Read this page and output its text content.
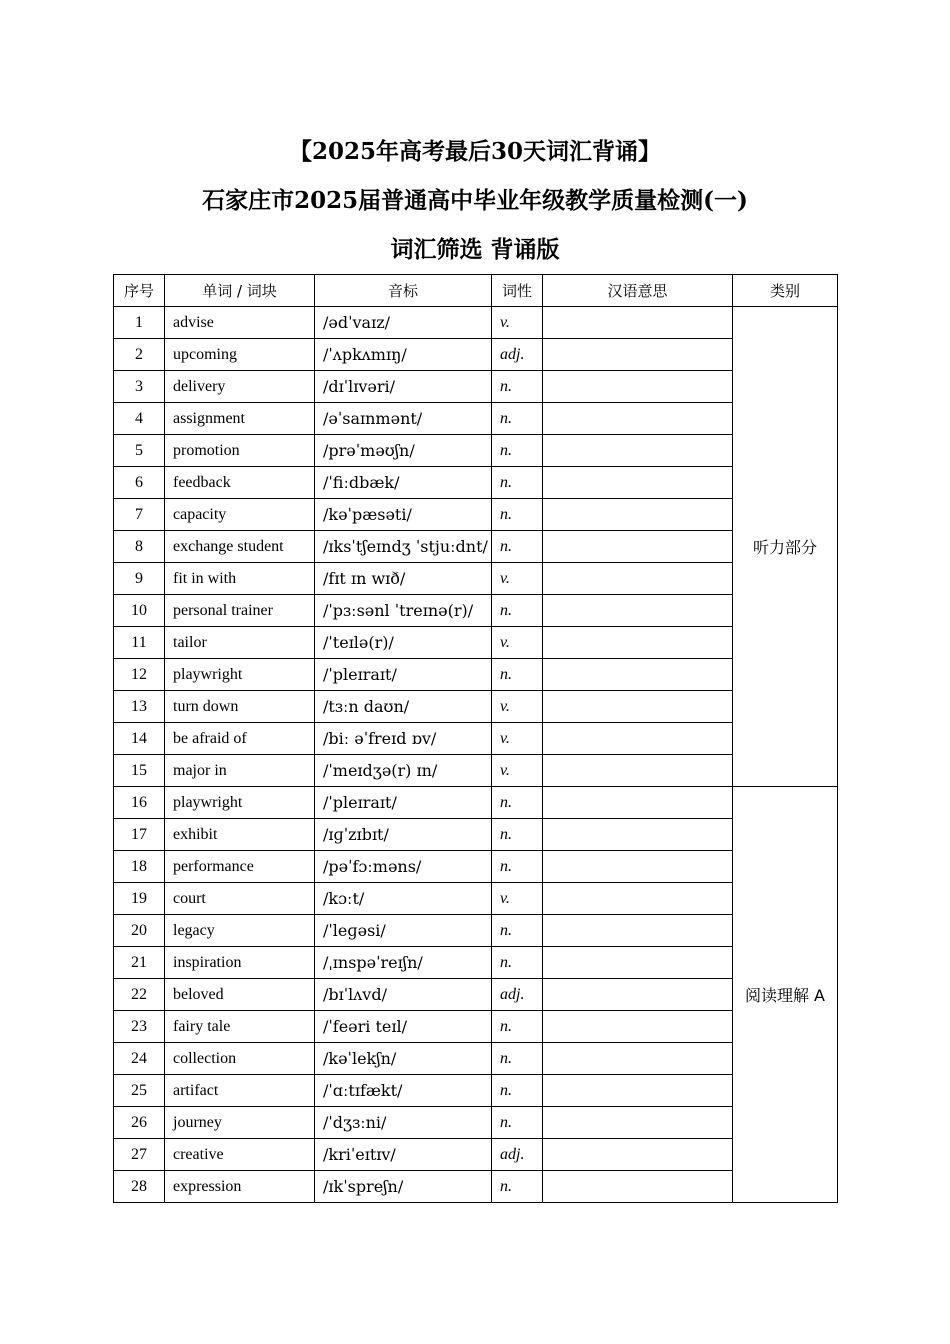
【2025年高考最后30天词汇背诵】
石家庄市2025届普通高中毕业年级教学质量检测(一)
词汇筛选 背诵版
序号	单词 / 词块	音标	词性	汉语意思	类别
1	advise	/ədˈvaɪz/	v.		听力部分
2	upcoming	/ˈʌpkʌmɪŋ/	adj.		
3	delivery	/dɪˈlɪvəri/	n.		
4	assignment	/əˈsaɪnmənt/	n.		
5	promotion	/prəˈməʊʃn/	n.		
6	feedback	/ˈfiːdbæk/	n.		
7	capacity	/kəˈpæsəti/	n.		
8	exchange student	/ɪksˈtʃeɪndʒ ˈstjuːdnt/	n.		
9	fit in with	/fɪt ɪn wɪð/	v.		
10	personal trainer	/ˈpɜːsənl ˈtreɪnə(r)/	n.		
11	tailor	/ˈteɪlə(r)/	v.		
12	playwright	/ˈpleɪraɪt/	n.		
13	turn down	/tɜːn daʊn/	v.		
14	be afraid of	/biː əˈfreɪd ɒv/	v.		
15	major in	/ˈmeɪdʒə(r) ɪn/	v.		
16	playwright	/ˈpleɪraɪt/	n.		阅读理解 A
17	exhibit	/ɪɡˈzɪbɪt/	n.		
18	performance	/pəˈfɔːməns/	n.		
19	court	/kɔːt/	v.		
20	legacy	/ˈleɡəsi/	n.		
21	inspiration	/ˌɪnspəˈreɪʃn/	n.		
22	beloved	/bɪˈlʌvd/	adj.		
23	fairy tale	/ˈfeəri teɪl/	n.		
24	collection	/kəˈlekʃn/	n.		
25	artifact	/ˈɑːtɪfækt/	n.		
26	journey	/ˈdʒɜːni/	n.		
27	creative	/kriˈeɪtɪv/	adj.		
28	expression	/ɪkˈspreʃn/	n.		
